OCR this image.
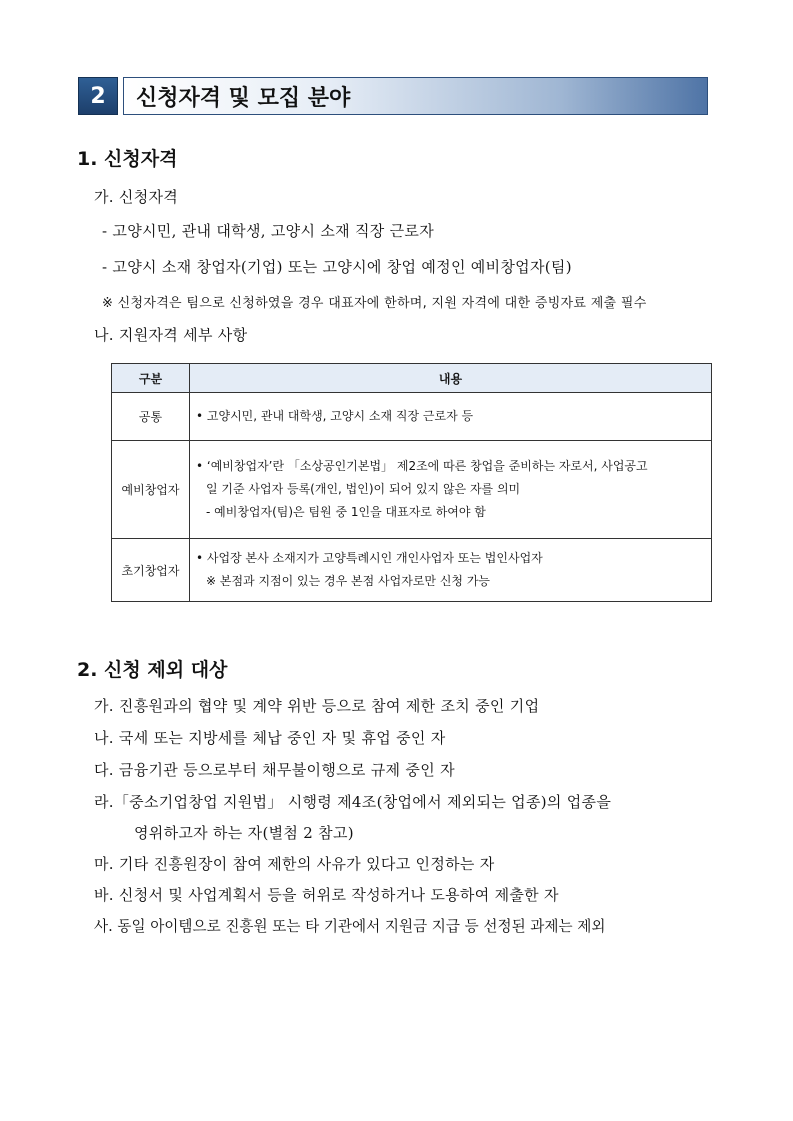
2	신청자격 및 모집 분야
1. 신청자격
가. 신청자격
- 고양시민, 관내 대학생, 고양시 소재 직장 근로자
- 고양시 소재 창업자(기업) 또는 고양시에 창업 예정인 예비창업자(팀)
※ 신청자격은 팀으로 신청하였을 경우 대표자에 한하며, 지원 자격에 대한 증빙자료 제출 필수
나. 지원자격 세부 사항
구분	내용
공통	• 고양시민, 관내 대학생, 고양시 소재 직장 근로자 등

예비창업자	• ‘예비창업자’란 「소상공인기본법」 제2조에 따른 창업을 준비하는 자로서, 사업공고
일 기준 사업자 등록(개인, 법인)이 되어 있지 않은 자를 의미
- 예비창업자(팀)은 팀원 중 1인을 대표자로 하여야 함

초기창업자	• 사업장 본사 소재지가 고양특례시인 개인사업자 또는 법인사업자
※ 본점과 지점이 있는 경우 본점 사업자로만 신청 가능
2. 신청 제외 대상
가. 진흥원과의 협약 및 계약 위반 등으로 참여 제한 조치 중인 기업
나. 국세 또는 지방세를 체납 중인 자 및 휴업 중인 자
다. 금융기관 등으로부터 채무불이행으로 규제 중인 자
라.「중소기업창업 지원법」 시행령 제4조(창업에서 제외되는 업종)의 업종을
영위하고자 하는 자(별첨 2 참고)
마. 기타 진흥원장이 참여 제한의 사유가 있다고 인정하는 자
바. 신청서 및 사업계획서 등을 허위로 작성하거나 도용하여 제출한 자
사. 동일 아이템으로 진흥원 또는 타 기관에서 지원금 지급 등 선정된 과제는 제외
